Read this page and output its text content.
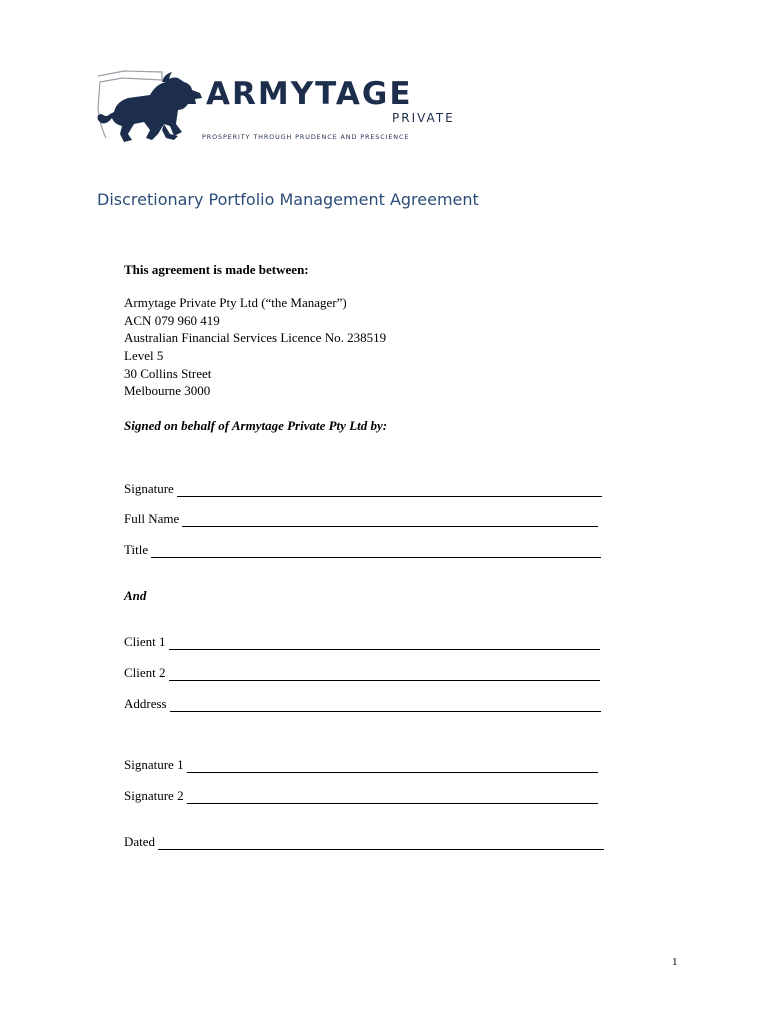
ARMYTAGE
PRIVATE
PROSPERITY THROUGH PRUDENCE AND PRESCIENCE
Discretionary Portfolio Management Agreement
This agreement is made between:
Armytage Private Pty Ltd (“the Manager”)
ACN 079 960 419
Australian Financial Services Licence No. 238519
Level 5
30 Collins Street
Melbourne 3000
Signed on behalf of Armytage Private Pty Ltd by:
Signature
Full Name
Title
And
Client 1
Client 2
Address
Signature 1
Signature 2
Dated
1
